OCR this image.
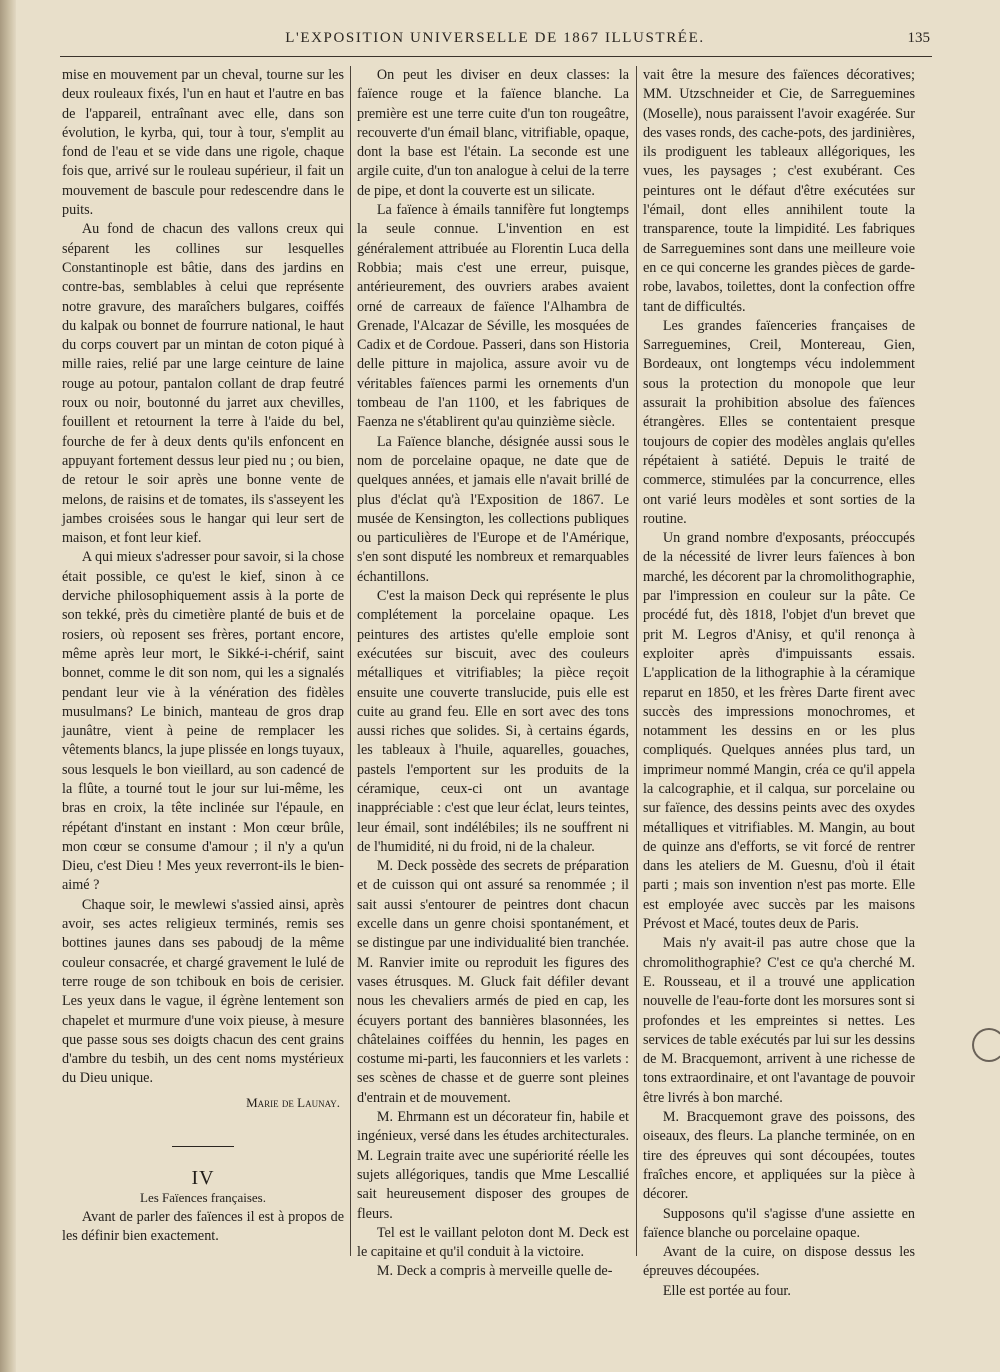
L'EXPOSITION UNIVERSELLE DE 1867 ILLUSTRÉE.	135

mise en mouvement par un cheval, tourne sur les deux rouleaux fixés, l'un en haut et l'autre en bas de l'appareil, entraînant avec elle, dans son évolution, le kyrba, qui, tour à tour, s'emplit au fond de l'eau et se vide dans une rigole, chaque fois que, arrivé sur le rouleau supérieur, il fait un mouvement de bascule pour redescendre dans le puits.

Au fond de chacun des vallons creux qui séparent les collines sur lesquelles Constantinople est bâtie, dans des jardins en contre-bas, semblables à celui que représente notre gravure, des maraîchers bulgares, coiffés du kalpak ou bonnet de fourrure national, le haut du corps couvert par un mintan de coton piqué à mille raies, relié par une large ceinture de laine rouge au potour, pantalon collant de drap feutré roux ou noir, boutonné du jarret aux chevilles, fouillent et retournent la terre à l'aide du bel, fourche de fer à deux dents qu'ils enfoncent en appuyant fortement dessus leur pied nu ; ou bien, de retour le soir après une bonne vente de melons, de raisins et de tomates, ils s'asseyent les jambes croisées sous le hangar qui leur sert de maison, et font leur kief.

A qui mieux s'adresser pour savoir, si la chose était possible, ce qu'est le kief, sinon à ce derviche philosophiquement assis à la porte de son tekké, près du cimetière planté de buis et de rosiers, où reposent ses frères, portant encore, même après leur mort, le Sikké-i-chérif, saint bonnet, comme le dit son nom, qui les a signalés pendant leur vie à la vénération des fidèles musulmans? Le binich, manteau de gros drap jaunâtre, vient à peine de remplacer les vêtements blancs, la jupe plissée en longs tuyaux, sous lesquels le bon vieillard, au son cadencé de la flûte, a tourné tout le jour sur lui-même, les bras en croix, la tête inclinée sur l'épaule, en répétant d'instant en instant : Mon cœur brûle, mon cœur se consume d'amour ; il n'y a qu'un Dieu, c'est Dieu ! Mes yeux reverront-ils le bien-aimé ?

Chaque soir, le mewlewi s'assied ainsi, après avoir, ses actes religieux terminés, remis ses bottines jaunes dans ses paboudj de la même couleur consacrée, et chargé gravement le lulé de terre rouge de son tchibouk en bois de cerisier. Les yeux dans le vague, il égrène lentement son chapelet et murmure d'une voix pieuse, à mesure que passe sous ses doigts chacun des cent grains d'ambre du tesbih, un des cent noms mystérieux du Dieu unique.

Marie de Launay.

IV

Les Faïences françaises.

Avant de parler des faïences il est à propos de les définir bien exactement.

On peut les diviser en deux classes: la faïence rouge et la faïence blanche. La première est une terre cuite d'un ton rougeâtre, recouverte d'un émail blanc, vitrifiable, opaque, dont la base est l'étain. La seconde est une argile cuite, d'un ton analogue à celui de la terre de pipe, et dont la couverte est un silicate.

La faïence à émails tannifère fut longtemps la seule connue. L'invention en est généralement attribuée au Florentin Luca della Robbia; mais c'est une erreur, puisque, antérieurement, des ouvriers arabes avaient orné de carreaux de faïence l'Alhambra de Grenade, l'Alcazar de Séville, les mosquées de Cadix et de Cordoue. Passeri, dans son Historia delle pitture in majolica, assure avoir vu de véritables faïences parmi les ornements d'un tombeau de l'an 1100, et les fabriques de Faenza ne s'établirent qu'au quinzième siècle.

La Faïence blanche, désignée aussi sous le nom de porcelaine opaque, ne date que de quelques années, et jamais elle n'avait brillé de plus d'éclat qu'à l'Exposition de 1867. Le musée de Kensington, les collections publiques ou particulières de l'Europe et de l'Amérique, s'en sont disputé les nombreux et remarquables échantillons.

C'est la maison Deck qui représente le plus complétement la porcelaine opaque. Les peintures des artistes qu'elle emploie sont exécutées sur biscuit, avec des couleurs métalliques et vitrifiables; la pièce reçoit ensuite une couverte translucide, puis elle est cuite au grand feu. Elle en sort avec des tons aussi riches que solides. Si, à certains égards, les tableaux à l'huile, aquarelles, gouaches, pastels l'emportent sur les produits de la céramique, ceux-ci ont un avantage inappréciable : c'est que leur éclat, leurs teintes, leur émail, sont indélébiles; ils ne souffrent ni de l'humidité, ni du froid, ni de la chaleur.

M. Deck possède des secrets de préparation et de cuisson qui ont assuré sa renommée ; il sait aussi s'entourer de peintres dont chacun excelle dans un genre choisi spontanément, et se distingue par une individualité bien tranchée. M. Ranvier imite ou reproduit les figures des vases étrusques. M. Gluck fait défiler devant nous les chevaliers armés de pied en cap, les écuyers portant des bannières blasonnées, les châtelaines coiffées du hennin, les pages en costume mi-parti, les fauconniers et les varlets : ses scènes de chasse et de guerre sont pleines d'entrain et de mouvement.

M. Ehrmann est un décorateur fin, habile et ingénieux, versé dans les études architecturales. M. Legrain traite avec une supériorité réelle les sujets allégoriques, tandis que Mme Lescallié sait heureusement disposer des groupes de fleurs.

Tel est le vaillant peloton dont M. Deck est le capitaine et qu'il conduit à la victoire.

M. Deck a compris à merveille quelle de-

vait être la mesure des faïences décoratives; MM. Utzschneider et Cie, de Sarreguemines (Moselle), nous paraissent l'avoir exagérée. Sur des vases ronds, des cache-pots, des jardinières, ils prodiguent les tableaux allégoriques, les vues, les paysages ; c'est exubérant. Ces peintures ont le défaut d'être exécutées sur l'émail, dont elles annihilent toute la transparence, toute la limpidité. Les fabriques de Sarreguemines sont dans une meilleure voie en ce qui concerne les grandes pièces de garde-robe, lavabos, toilettes, dont la confection offre tant de difficultés.

Les grandes faïenceries françaises de Sarreguemines, Creil, Montereau, Gien, Bordeaux, ont longtemps vécu indolemment sous la protection du monopole que leur assurait la prohibition absolue des faïences étrangères. Elles se contentaient presque toujours de copier des modèles anglais qu'elles répétaient à satiété. Depuis le traité de commerce, stimulées par la concurrence, elles ont varié leurs modèles et sont sorties de la routine.

Un grand nombre d'exposants, préoccupés de la nécessité de livrer leurs faïences à bon marché, les décorent par la chromolithographie, par l'impression en couleur sur la pâte. Ce procédé fut, dès 1818, l'objet d'un brevet que prit M. Legros d'Anisy, et qu'il renonça à exploiter après d'impuissants essais. L'application de la lithographie à la céramique reparut en 1850, et les frères Darte firent avec succès des impressions monochromes, et notamment les dessins en or les plus compliqués. Quelques années plus tard, un imprimeur nommé Mangin, créa ce qu'il appela la calcographie, et il calqua, sur porcelaine ou sur faïence, des dessins peints avec des oxydes métalliques et vitrifiables. M. Mangin, au bout de quinze ans d'efforts, se vit forcé de rentrer dans les ateliers de M. Guesnu, d'où il était parti ; mais son invention n'est pas morte. Elle est employée avec succès par les maisons Prévost et Macé, toutes deux de Paris.

Mais n'y avait-il pas autre chose que la chromolithographie? C'est ce qu'a cherché M. E. Rousseau, et il a trouvé une application nouvelle de l'eau-forte dont les morsures sont si profondes et les empreintes si nettes. Les services de table exécutés par lui sur les dessins de M. Bracquemont, arrivent à une richesse de tons extraordinaire, et ont l'avantage de pouvoir être livrés à bon marché.

M. Bracquemont grave des poissons, des oiseaux, des fleurs. La planche terminée, on en tire des épreuves qui sont découpées, toutes fraîches encore, et appliquées sur la pièce à décorer.

Supposons qu'il s'agisse d'une assiette en faïence blanche ou porcelaine opaque.

Avant de la cuire, on dispose dessus les épreuves découpées.

Elle est portée au four.
